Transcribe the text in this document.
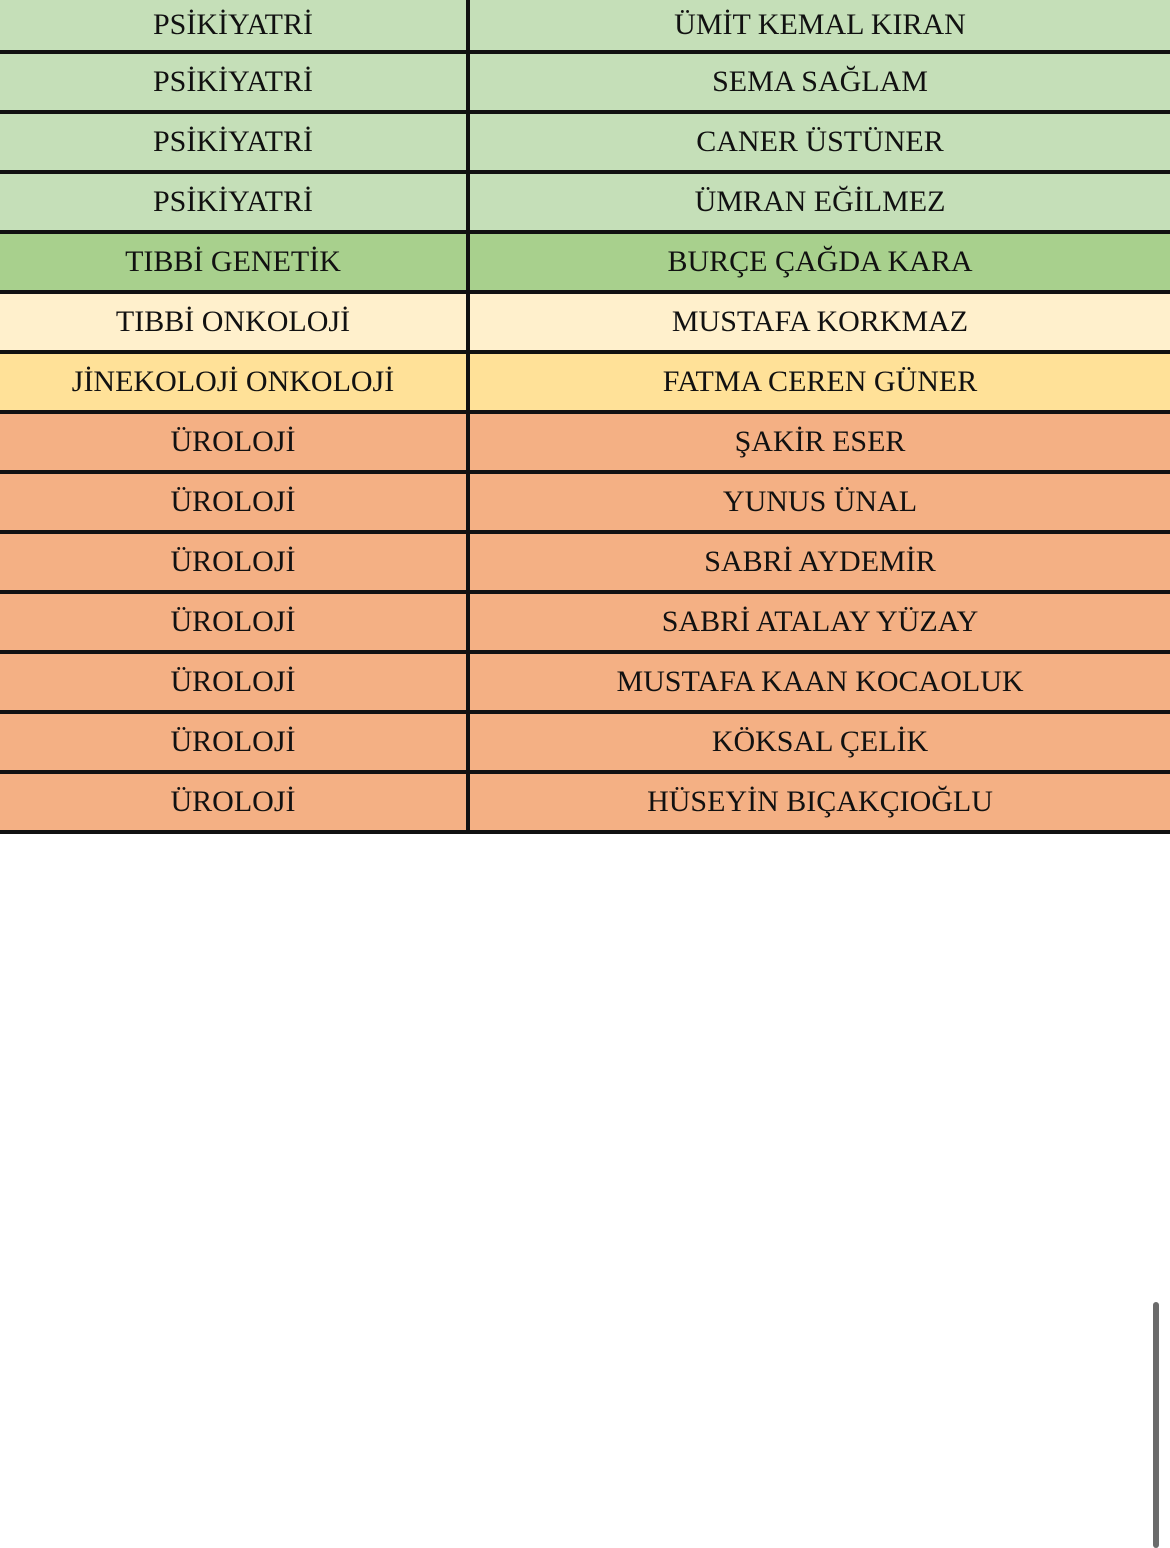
PSİKİYATRİ	ÜMİT KEMAL KIRAN
PSİKİYATRİ	SEMA SAĞLAM
PSİKİYATRİ	CANER ÜSTÜNER
PSİKİYATRİ	ÜMRAN EĞİLMEZ
TIBBİ GENETİK	BURÇE ÇAĞDA KARA
TIBBİ ONKOLOJİ	MUSTAFA KORKMAZ
JİNEKOLOJİ ONKOLOJİ	FATMA CEREN GÜNER
ÜROLOJİ	ŞAKİR ESER
ÜROLOJİ	YUNUS ÜNAL
ÜROLOJİ	SABRİ AYDEMİR
ÜROLOJİ	SABRİ ATALAY YÜZAY
ÜROLOJİ	MUSTAFA KAAN KOCAOLUK
ÜROLOJİ	KÖKSAL ÇELİK
ÜROLOJİ	HÜSEYİN BIÇAKÇIOĞLU
